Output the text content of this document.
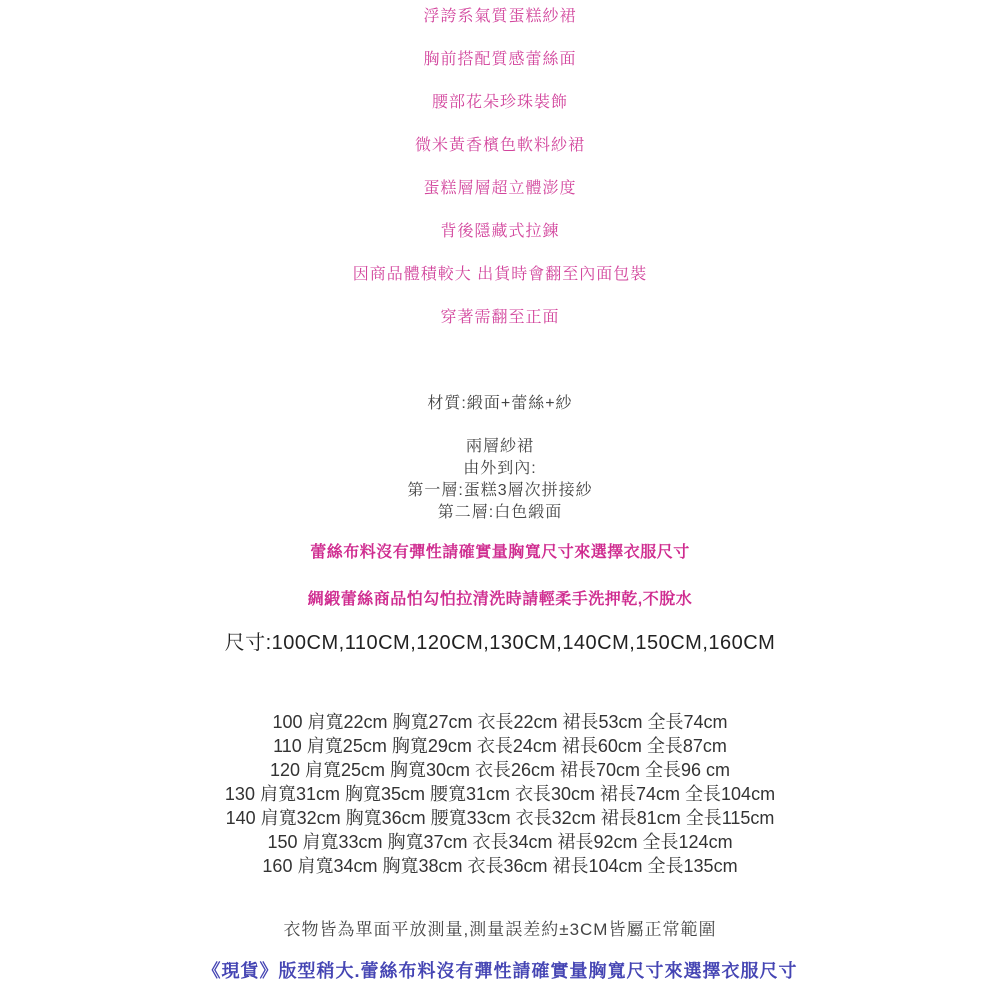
浮誇系氣質蛋糕紗裙

胸前搭配質感蕾絲面

腰部花朵珍珠裝飾

微米黃香檳色軟料紗裙

蛋糕層層超立體澎度

背後隱藏式拉鍊

因商品體積較大 出貨時會翻至內面包裝

穿著需翻至正面

材質:緞面+蕾絲+紗

兩層紗裙

由外到內:

第一層:蛋糕3層次拼接紗

第二層:白色緞面

蕾絲布料沒有彈性請確實量胸寬尺寸來選擇衣服尺寸

綢緞蕾絲商品怕勾怕拉清洗時請輕柔手洗押乾,不脫水

尺寸:100CM,110CM,120CM,130CM,140CM,150CM,160CM

100 肩寬22cm 胸寬27cm 衣長22cm 裙長53cm 全長74cm

110 肩寬25cm 胸寬29cm 衣長24cm 裙長60cm 全長87cm

120 肩寬25cm 胸寬30cm 衣長26cm 裙長70cm 全長96 cm

130 肩寬31cm 胸寬35cm 腰寬31cm 衣長30cm 裙長74cm 全長104cm

140 肩寬32cm 胸寬36cm 腰寬33cm 衣長32cm 裙長81cm 全長115cm

150 肩寬33cm 胸寬37cm 衣長34cm 裙長92cm 全長124cm

160 肩寬34cm 胸寬38cm 衣長36cm 裙長104cm 全長135cm

衣物皆為單面平放測量,測量誤差約±3CM皆屬正常範圍

《現貨》版型稍大.蕾絲布料沒有彈性請確實量胸寬尺寸來選擇衣服尺寸
